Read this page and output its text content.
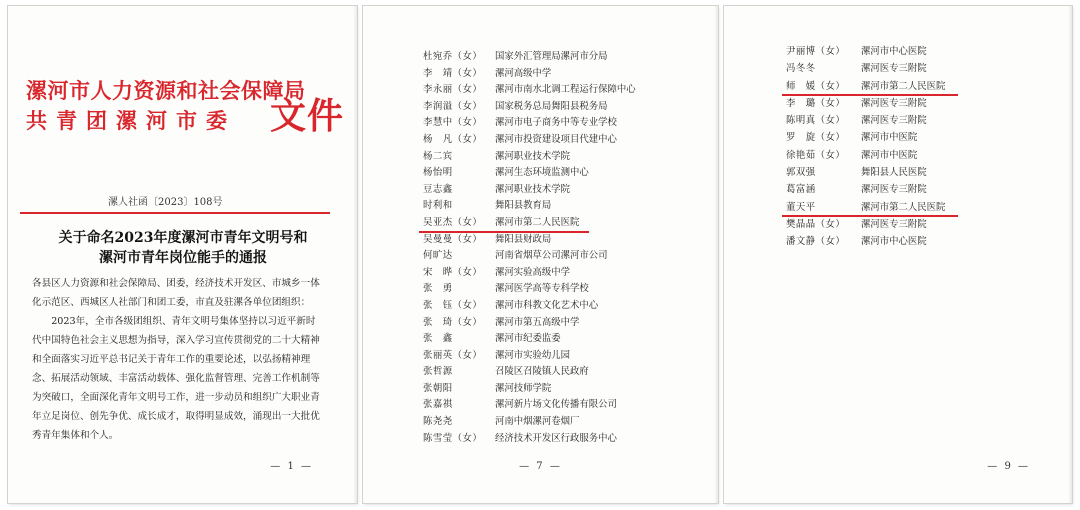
漯河市人力资源和社会保障局
共青团漯河市委 文件
漯人社函〔2023〕108号
关于命名2023年度漯河市青年文明号和
漯河市青年岗位能手的通报

各县区人力资源和社会保障局、团委，经济技术开发区、市城乡一体化示范区、西城区人社部门和团工委，市直及驻漯各单位团组织：

2023年，全市各级团组织、青年文明号集体坚持以习近平新时代中国特色社会主义思想为指导，深入学习宣传贯彻党的二十大精神和全面落实习近平总书记关于青年工作的重要论述，以弘扬精神理念、拓展活动领域、丰富活动载体、强化监督管理、完善工作机制等为突破口，全面深化青年文明号工作，进一步动员和组织广大职业青年立足岗位、创先争优、成长成才，取得明显成效，涌现出一大批优秀青年集体和个人。

— 1 —
杜宛乔（女）	国家外汇管理局漯河市分局
李　靖（女）	漯河高级中学
李永丽（女）	漯河市南水北调工程运行保障中心
李润溢（女）	国家税务总局舞阳县税务局
李慧中（女）	漯河市电子商务中等专业学校
杨　凡（女）	漯河市投资建设项目代建中心
杨二宾	漯河职业技术学院
杨怡明	漯河生态环境监测中心
豆志鑫	漯河职业技术学院
时利和	舞阳县教育局
吴亚杰（女）	漯河市第二人民医院
吴曼曼（女）	舞阳县财政局
何旷达	河南省烟草公司漯河市公司
宋　晔（女）	漯河实验高级中学
张　勇	漯河医学高等专科学校
张　钰（女）	漯河市科教文化艺术中心
张　琦（女）	漯河市第五高级中学
张　鑫	漯河市纪委监委
张丽英（女）	漯河市实验幼儿园
张哲源	召陵区召陵镇人民政府
张朝阳	漯河技师学院
张嘉祺	漯河新片场文化传播有限公司
陈尧尧	河南中烟漯河卷烟厂
陈雪莹（女）	经济技术开发区行政服务中心
— 7 —
尹丽博（女）	漯河市中心医院
冯冬冬	漯河医专三附院
师　媛（女）	漯河市第二人民医院
李　璐（女）	漯河医专三附院
陈明真（女）	漯河医专三附院
罗　旋（女）	漯河市中医院
徐艳茹（女）	漯河市中医院
郭双强	舞阳县人民医院
葛富涵	漯河医专三附院
董天平	漯河市第二人民医院
樊晶晶（女）	漯河医专三附院
潘文静（女）	漯河市中心医院
— 9 —
